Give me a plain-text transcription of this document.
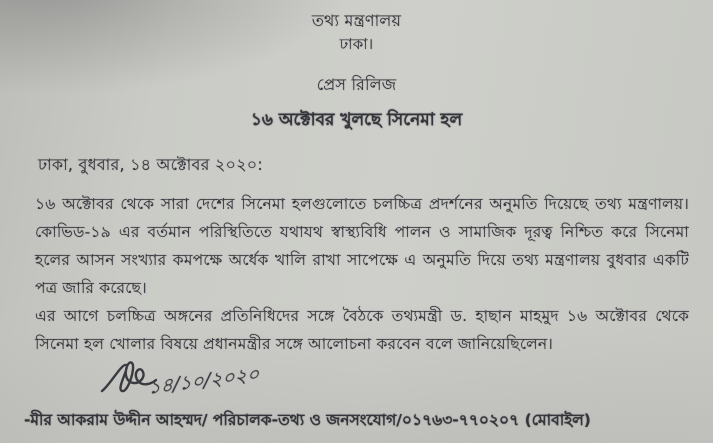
তথ্য মন্ত্রণালয়
ঢাকা।
প্রেস রিলিজ
১৬ অক্টোবর খুলছে সিনেমা হল
ঢাকা, বুধবার, ১৪ অক্টোবর ২০২০:
১৬ অক্টোবর থেকে সারা দেশের সিনেমা হলগুলোতে চলচ্চিত্র প্রদর্শনের অনুমতি দিয়েছে তথ্য মন্ত্রণালয়। কোভিড-১৯ এর বর্তমান পরিস্থিতিতে যথাযথ স্বাস্থ্যবিধি পালন ও সামাজিক দূরত্ব নিশ্চিত করে সিনেমা হলের আসন সংখ্যার কমপক্ষে অর্ধেক খালি রাখা সাপেক্ষে এ অনুমতি দিয়ে তথ্য মন্ত্রণালয় বুধবার একটি পত্র জারি করেছে।
এর আগে চলচ্চিত্র অঙ্গনের প্রতিনিধিদের সঙ্গে বৈঠকে তথ্যমন্ত্রী ড. হাছান মাহমুদ ১৬ অক্টোবর থেকে সিনেমা হল খোলার বিষয়ে প্রধানমন্ত্রীর সঙ্গে আলোচনা করবেন বলে জানিয়েছিলেন।
১৪/১০/২০২০
-মীর আকরাম উদ্দীন আহম্মদ/ পরিচালক-তথ্য ও জনসংযোগ/০১৭৬৩-৭৭০২০৭ (মোবাইল)
